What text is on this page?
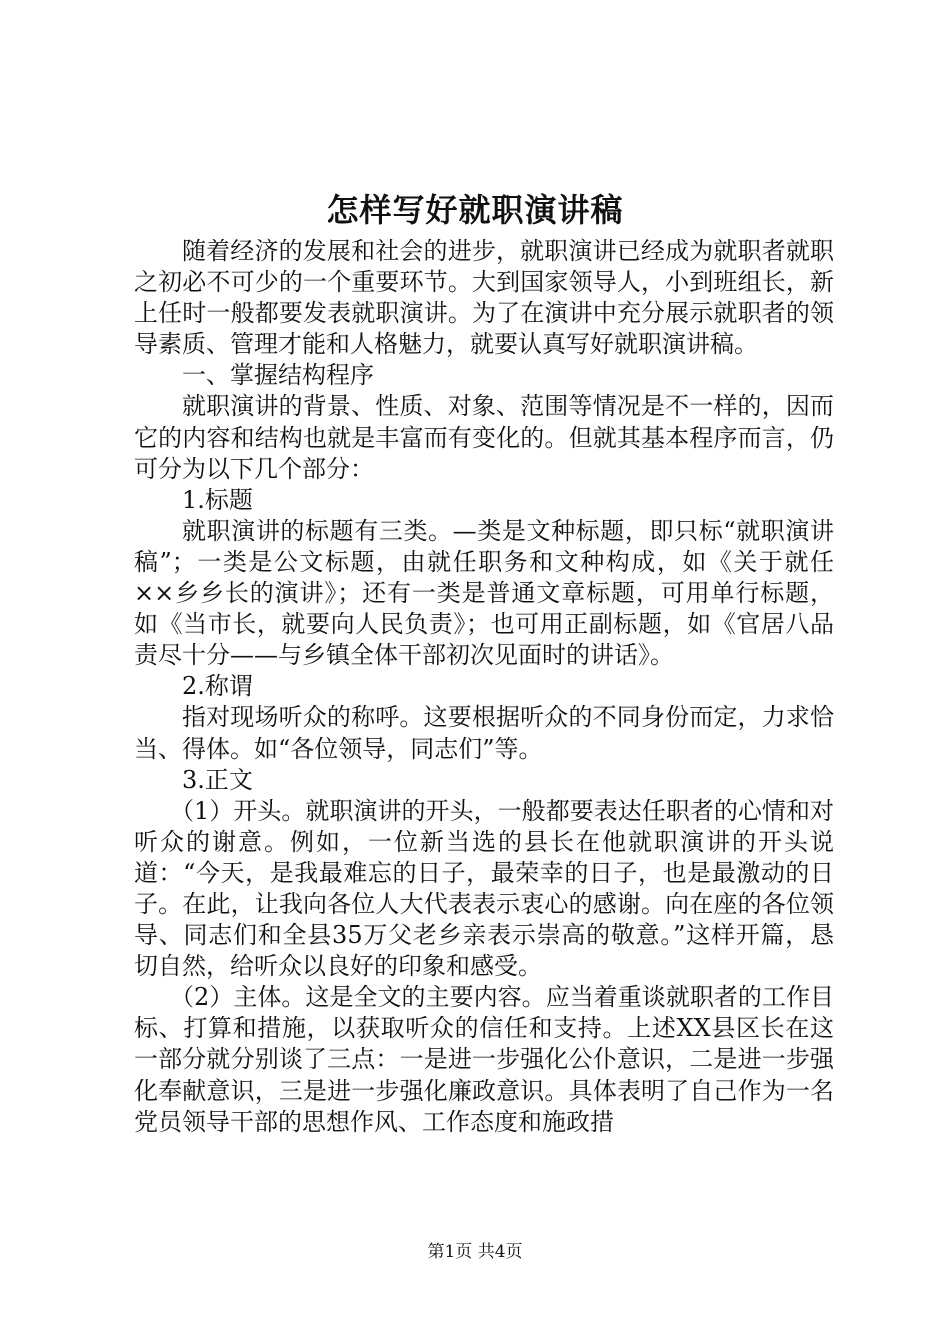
怎样写好就职演讲稿

随着经济的发展和社会的进步，就职演讲已经成为就职者就职之初必不可少的一个重要环节。大到国家领导人，小到班组长，新上任时一般都要发表就职演讲。为了在演讲中充分展示就职者的领导素质、管理才能和人格魅力，就要认真写好就职演讲稿。

一、掌握结构程序

就职演讲的背景、性质、对象、范围等情况是不一样的，因而它的内容和结构也就是丰富而有变化的。但就其基本程序而言，仍可分为以下几个部分：

1.标题

就职演讲的标题有三类。—类是文种标题，即只标“就职演讲稿”；一类是公文标题，由就任职务和文种构成，如《关于就任××乡乡长的演讲》；还有一类是普通文章标题，可用单行标题，如《当市长，就要向人民负责》；也可用正副标题，如《官居八品责尽十分——与乡镇全体干部初次见面时的讲话》。

2.称谓

指对现场听众的称呼。这要根据听众的不同身份而定，力求恰当、得体。如“各位领导，同志们”等。

3.正文

（1）开头。就职演讲的开头，一般都要表达任职者的心情和对听众的谢意。例如，一位新当选的县长在他就职演讲的开头说道：“今天，是我最难忘的日子，最荣幸的日子，也是最激动的日子。在此，让我向各位人大代表表示衷心的感谢。向在座的各位领导、同志们和全县35万父老乡亲表示崇高的敬意。”这样开篇，恳切自然，给听众以良好的印象和感受。

（2）主体。这是全文的主要内容。应当着重谈就职者的工作目标、打算和措施，以获取听众的信任和支持。上述XX县区长在这一部分就分别谈了三点：一是进一步强化公仆意识，二是进一步强化奉献意识，三是进一步强化廉政意识。具体表明了自己作为一名党员领导干部的思想作风、工作态度和施政措

第1页 共4页
